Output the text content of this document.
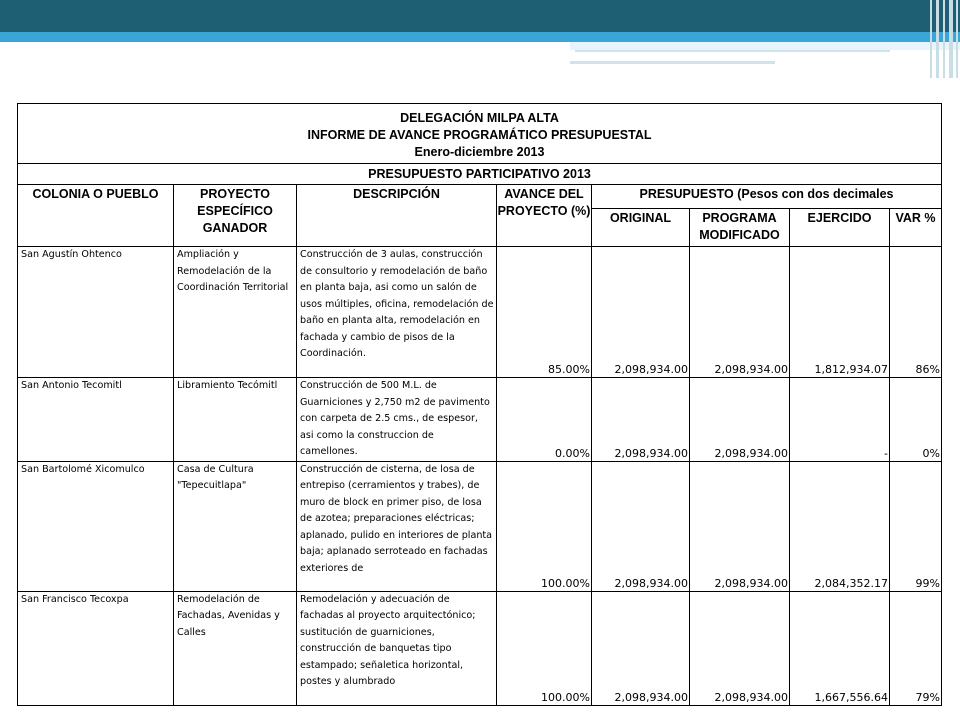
DELEGACIÓN MILPA ALTA
INFORME DE AVANCE PROGRAMÁTICO PRESUPUESTAL
Enero-diciembre 2013							

PRESUPUESTO PARTICIPATIVO 2013							
COLONIA O PUEBLO	PROYECTO ESPECÍFICO GANADOR	DESCRIPCIÓN	AVANCE DEL PROYECTO (%)	PRESUPUESTO (Pesos con dos decimales			
				ORIGINAL	PROGRAMA MODIFICADO	EJERCIDO	VAR %
San Agustín Ohtenco	Ampliación y Remodelación de la Coordinación Territorial	Construcción de 3 aulas, construcción de consultorio y remodelación de baño en planta baja, asi como un salón de usos múltiples, oficina, remodelación de baño en planta alta, remodelación en fachada y cambio de pisos de la Coordinación.	85.00%	2,098,934.00	2,098,934.00	1,812,934.07	86%
San Antonio Tecomitl	Libramiento Tecómitl	Construcción de 500 M.L. de Guarniciones y 2,750 m2 de pavimento con carpeta de 2.5 cms., de espesor, asi como la construccion de camellones.	0.00%	2,098,934.00	2,098,934.00	-	0%
San Bartolomé Xicomulco	Casa de Cultura "Tepecuitlapa"	Construcción de cisterna, de losa de entrepiso (cerramientos y trabes), de muro de block en primer piso, de losa de azotea; preparaciones eléctricas; aplanado, pulido en interiores de planta baja; aplanado serroteado en fachadas exteriores de	100.00%	2,098,934.00	2,098,934.00	2,084,352.17	99%
San Francisco Tecoxpa	Remodelación de Fachadas, Avenidas y Calles	Remodelación y adecuación de fachadas al proyecto arquitectónico; sustitución de guarniciones, construcción de banquetas tipo estampado; señaletica horizontal, postes y alumbrado	100.00%	2,098,934.00	2,098,934.00	1,667,556.64	79%
